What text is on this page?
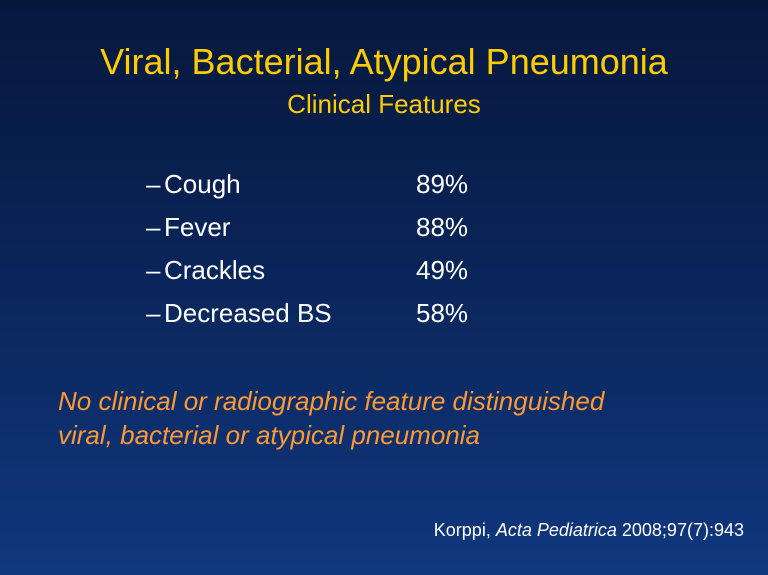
Viral, Bacterial, Atypical Pneumonia
Clinical Features
– Cough	89%
– Fever	88%
– Crackles	49%
– Decreased BS	58%
No clinical or radiographic feature distinguished
viral, bacterial or atypical pneumonia
Korppi, Acta Pediatrica 2008;97(7):943
